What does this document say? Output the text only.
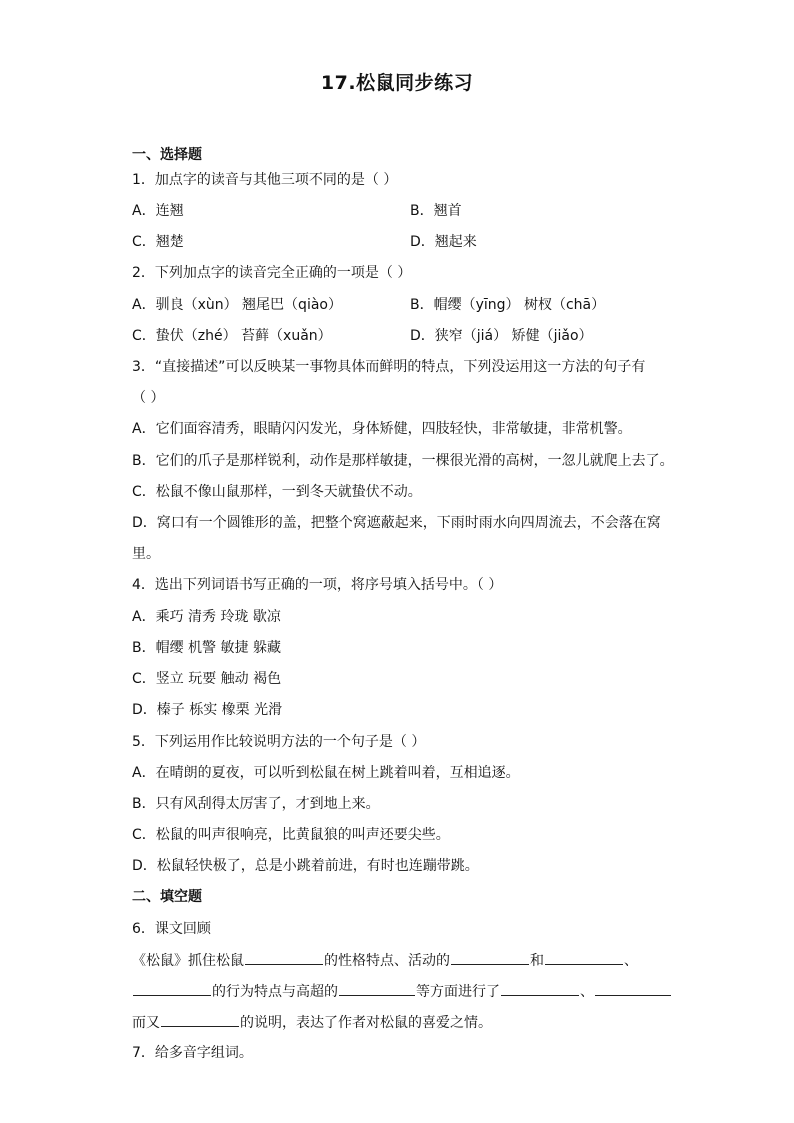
17.松鼠同步练习
一、选择题
1．加点字的读音与其他三项不同的是（ ）
A．连翘	B．翘首
C．翘楚	D．翘起来
2．下列加点字的读音完全正确的一项是（ ）
A．驯良（xùn） 翘尾巴（qiào）	B．帽缨（yīng） 树杈（chā）
C．蛰伏（zhé） 苔藓（xuǎn）	D．狭窄（jiá） 矫健（jiǎo）
3．“直接描述”可以反映某一事物具体而鲜明的特点，下列没运用这一方法的句子有
（ ）
A．它们面容清秀，眼睛闪闪发光，身体矫健，四肢轻快，非常敏捷，非常机警。
B．它们的爪子是那样锐利，动作是那样敏捷，一棵很光滑的高树，一忽儿就爬上去了。
C．松鼠不像山鼠那样，一到冬天就蛰伏不动。
D．窝口有一个圆锥形的盖，把整个窝遮蔽起来，下雨时雨水向四周流去，不会落在窝
里。
4．选出下列词语书写正确的一项，将序号填入括号中。（ ）
A．乘巧 清秀 玲珑 歇凉
B．帽缨 机警 敏捷 躲藏
C．竖立 玩要 触动 褐色
D．榛子 栎实 橡栗 光滑
5．下列运用作比较说明方法的一个句子是（ ）
A．在晴朗的夏夜，可以听到松鼠在树上跳着叫着，互相追逐。
B．只有风刮得太厉害了，才到地上来。
C．松鼠的叫声很响亮，比黄鼠狼的叫声还要尖些。
D．松鼠轻快极了，总是小跳着前进，有时也连蹦带跳。
二、填空题
6．课文回顾
《松鼠》抓住松鼠	的性格特点、活动的	和	、
的行为特点与高超的	等方面进行了	、
而又	的说明，表达了作者对松鼠的喜爱之情。
7．给多音字组词。
